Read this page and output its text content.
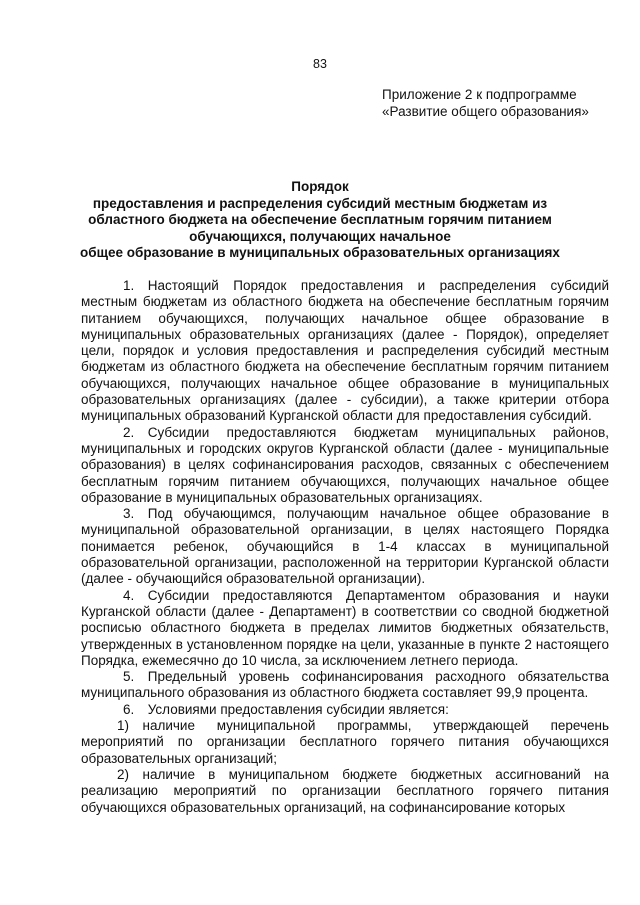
83
Приложение 2 к подпрограмме
«Развитие общего образования»
Порядок
предоставления и распределения субсидий местным бюджетам из
областного бюджета на обеспечение бесплатным горячим питанием
обучающихся, получающих начальное
общее образование в муниципальных образовательных организациях

1. Настоящий Порядок предоставления и распределения субсидий местным бюджетам из областного бюджета на обеспечение бесплатным горячим питанием обучающихся, получающих начальное общее образование в муниципальных образовательных организациях (далее - Порядок), определяет цели, порядок и условия предоставления и распределения субсидий местным бюджетам из областного бюджета на обеспечение бесплатным горячим питанием обучающихся, получающих начальное общее образование в муниципальных образовательных организациях (далее - субсидии), а также критерии отбора муниципальных образований Курганской области для предоставления субсидий.

2. Субсидии предоставляются бюджетам муниципальных районов, муниципальных и городских округов Курганской области (далее - муниципальные образования) в целях софинансирования расходов, связанных с обеспечением бесплатным горячим питанием обучающихся, получающих начальное общее образование в муниципальных образовательных организациях.

3. Под обучающимся, получающим начальное общее образование в муниципальной образовательной организации, в целях настоящего Порядка понимается ребенок, обучающийся в 1-4 классах в муниципальной образовательной организации, расположенной на территории Курганской области (далее - обучающийся образовательной организации).

4. Субсидии предоставляются Департаментом образования и науки Курганской области (далее - Департамент) в соответствии со сводной бюджетной росписью областного бюджета в пределах лимитов бюджетных обязательств, утвержденных в установленном порядке на цели, указанные в пункте 2 настоящего Порядка, ежемесячно до 10 числа, за исключением летнего периода.

5. Предельный уровень софинансирования расходного обязательства муниципального образования из областного бюджета составляет 99,9 процента.

6. Условиями предоставления субсидии является:

1) наличие муниципальной программы, утверждающей перечень мероприятий по организации бесплатного горячего питания обучающихся образовательных организаций;

2) наличие в муниципальном бюджете бюджетных ассигнований на реализацию мероприятий по организации бесплатного горячего питания обучающихся образовательных организаций, на софинансирование которых
